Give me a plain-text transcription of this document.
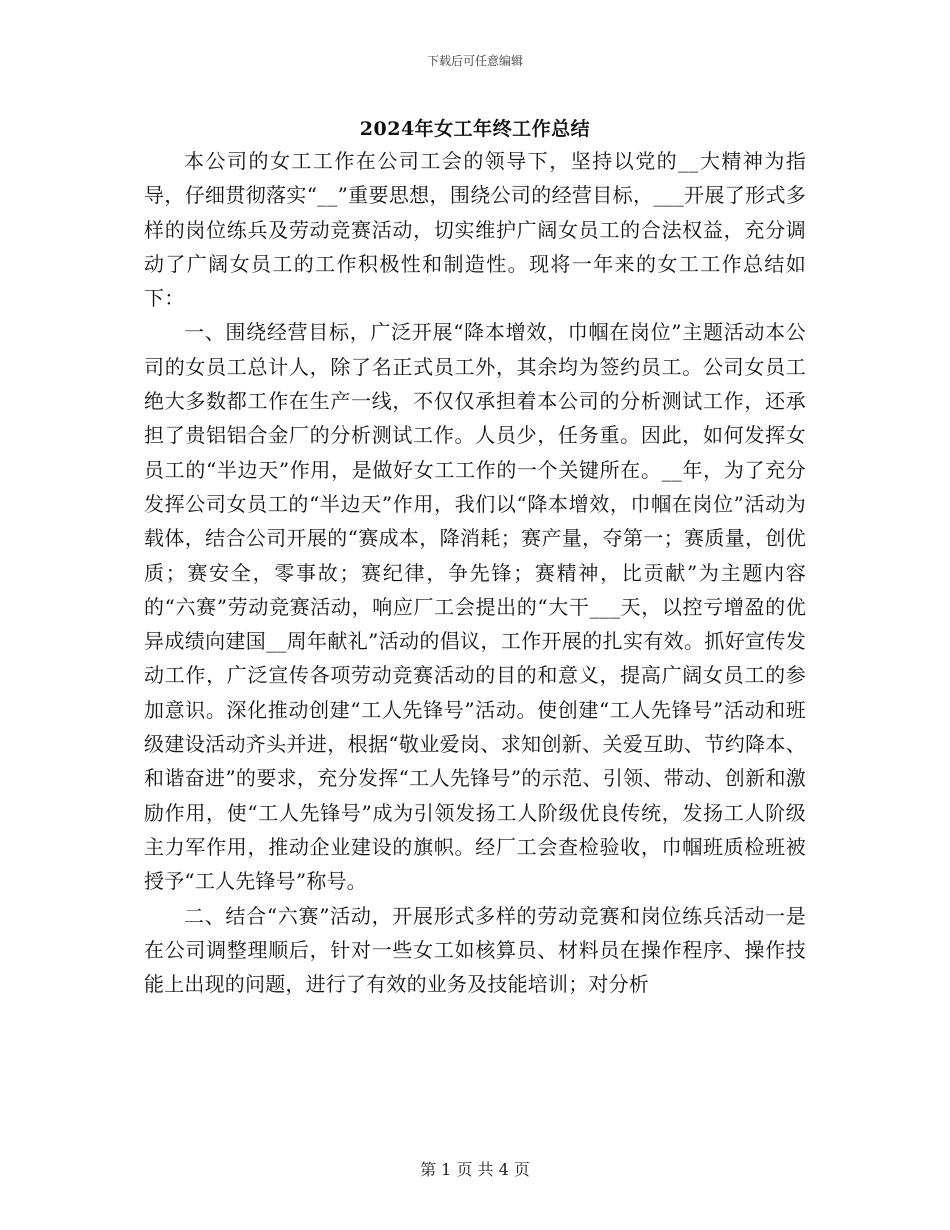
下载后可任意编辑
2024年女工年终工作总结

本公司的女工工作在公司工会的领导下，坚持以党的__大精神为指导，仔细贯彻落实“__”重要思想，围绕公司的经营目标，___开展了形式多样的岗位练兵及劳动竞赛活动，切实维护广阔女员工的合法权益，充分调动了广阔女员工的工作积极性和制造性。现将一年来的女工工作总结如下：

一、围绕经营目标，广泛开展“降本增效，巾帼在岗位”主题活动本公司的女员工总计人，除了名正式员工外，其余均为签约员工。公司女员工绝大多数都工作在生产一线，不仅仅承担着本公司的分析测试工作，还承担了贵铝铝合金厂的分析测试工作。人员少，任务重。因此，如何发挥女员工的“半边天”作用，是做好女工工作的一个关键所在。__年，为了充分发挥公司女员工的“半边天”作用，我们以“降本增效，巾帼在岗位”活动为载体，结合公司开展的“赛成本，降消耗；赛产量，夺第一；赛质量，创优质；赛安全，零事故；赛纪律，争先锋；赛精神，比贡献”为主题内容的“六赛”劳动竞赛活动，响应厂工会提出的“大干___天，以控亏增盈的优异成绩向建国__周年献礼”活动的倡议，工作开展的扎实有效。抓好宣传发动工作，广泛宣传各项劳动竞赛活动的目的和意义，提高广阔女员工的参加意识。深化推动创建“工人先锋号”活动。使创建“工人先锋号”活动和班级建设活动齐头并进，根据“敬业爱岗、求知创新、关爱互助、节约降本、和谐奋进”的要求，充分发挥“工人先锋号”的示范、引领、带动、创新和激励作用，使“工人先锋号”成为引领发扬工人阶级优良传统，发扬工人阶级主力军作用，推动企业建设的旗帜。经厂工会查检验收，巾帼班质检班被授予“工人先锋号”称号。

二、结合“六赛”活动，开展形式多样的劳动竞赛和岗位练兵活动一是在公司调整理顺后，针对一些女工如核算员、材料员在操作程序、操作技能上出现的问题，进行了有效的业务及技能培训；对分析

第 1 页 共 4 页
